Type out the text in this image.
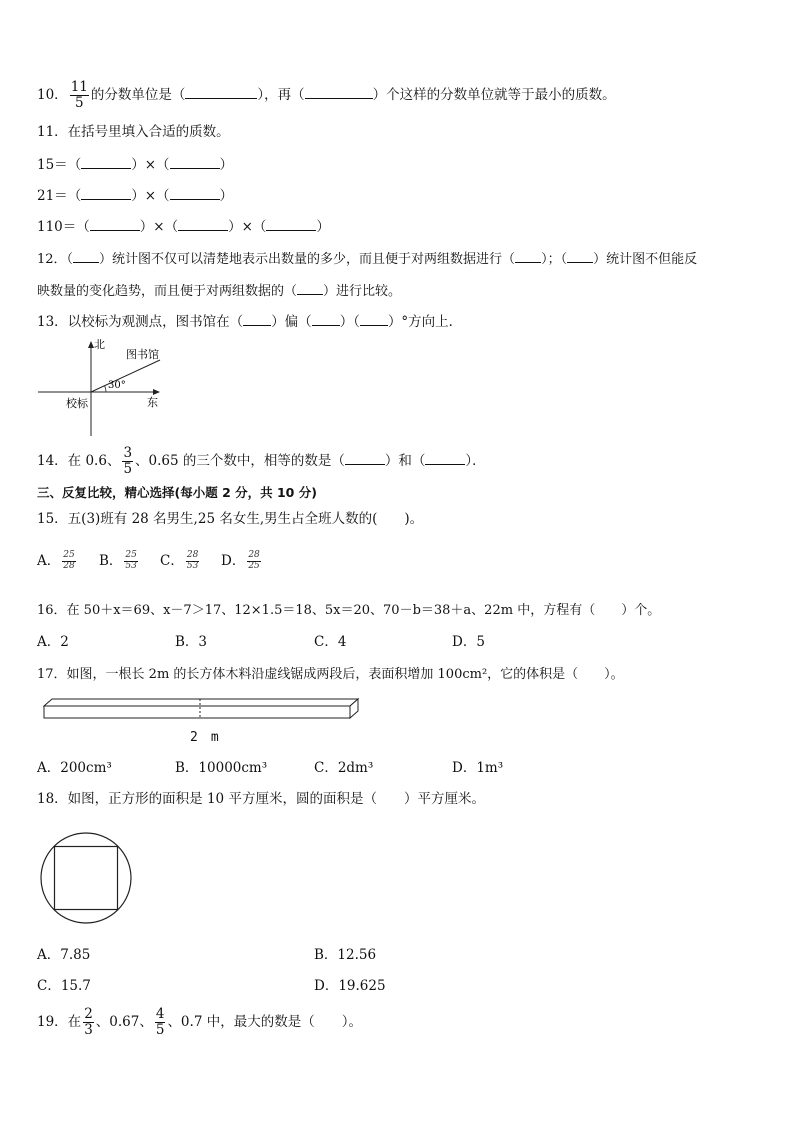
10． $\frac{11}{5}$ 的分数单位是（	），再（	）个这样的分数单位就等于最小的质数。
11．在括号里填入合适的质数。
15＝（	）×（	）
21＝（	）×（	）
110＝（	）×（	）×（	）
12．（ ）统计图不仅可以清楚地表示出数量的多少，而且便于对两组数据进行（ ）；（ ）统计图不但能反
映数量的变化趋势，而且便于对两组数据的（ ）进行比较。
13．以校标为观测点，图书馆在（ ）偏（ ）（ ）°方向上．
北
图书馆
30°
校标	东
14．在 0.6、 $\frac{3}{5}$ 、0.65 的三个数中，相等的数是（	）和（	）．
三、反复比较，精心选择(每小题 2 分，共 10 分)
15．五(3)班有 28 名男生,25 名女生,男生占全班人数的(　　)。
A． $\frac{25}{28}$ B． $\frac{25}{53}$ C． $\frac{28}{53}$ D． $\frac{28}{25}$
16．在 50＋x＝69、x－7＞17、12×1.5＝18、5x＝20、70－b＝38＋a、22m 中，方程有（　　）个。
A．2	B．3	C．4	D．5
17．如图，一根长 2m 的长方体木料沿虚线锯成两段后，表面积增加 100cm²，它的体积是（　　）。
2　m
A．200cm³	B．10000cm³	C．2dm³	D．1m³
18．如图，正方形的面积是 10 平方厘米，圆的面积是（　　）平方厘米。
A．7.85	B．12.56
C．15.7	D．19.625
19．在 $\frac{2}{3}$ 、0.67、 $\frac{4}{5}$ 、0.7 中，最大的数是（　　）。
